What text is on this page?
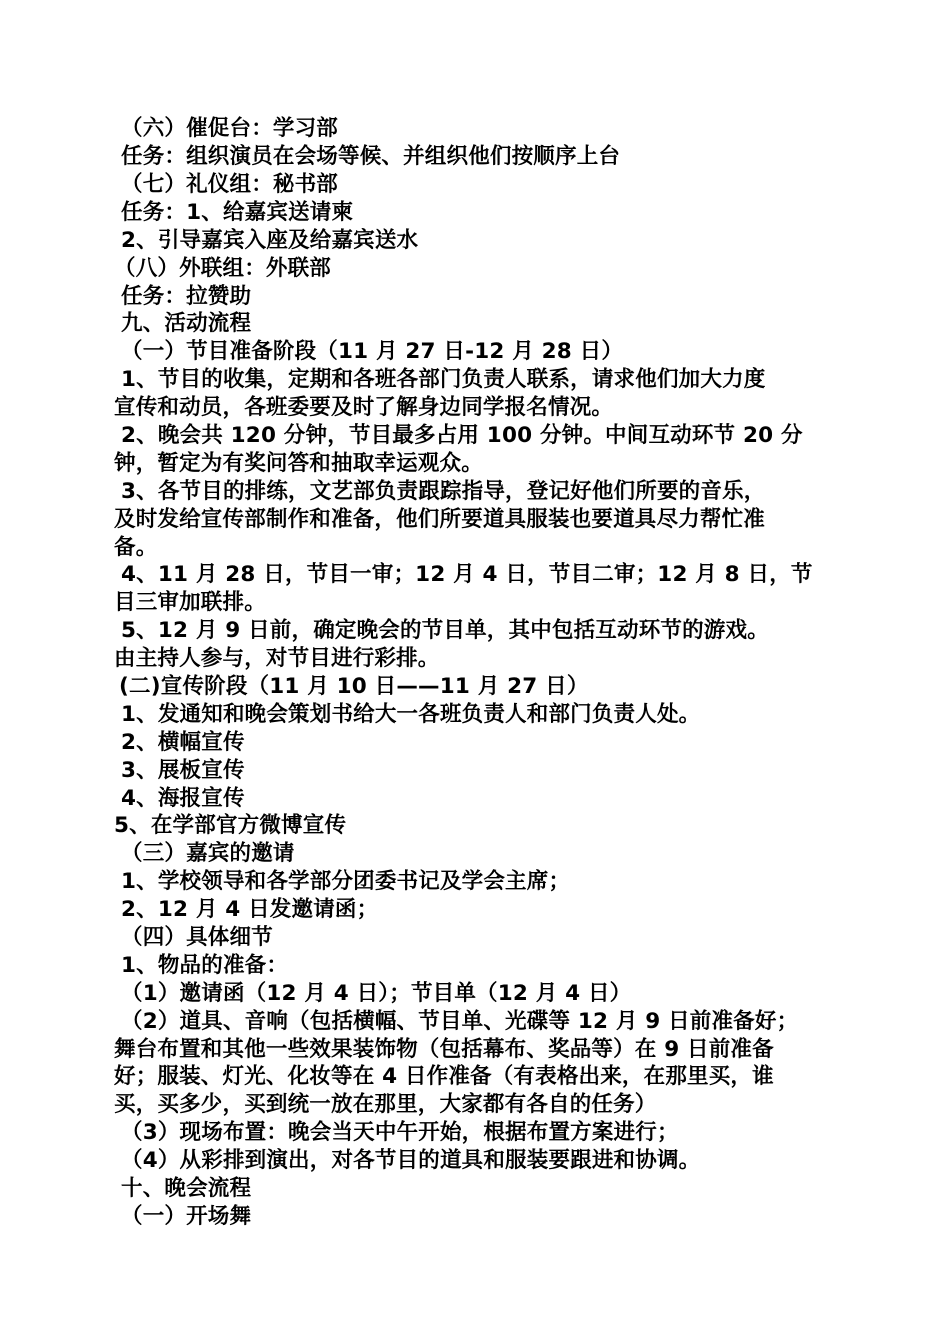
（六）催促台：学习部
任务：组织演员在会场等候、并组织他们按顺序上台
（七）礼仪组：秘书部
任务：1、给嘉宾送请柬
2、引导嘉宾入座及给嘉宾送水
（八）外联组：外联部
任务：拉赞助
九、活动流程
（一）节目准备阶段（11 月 27 日-12 月 28 日）
1、节目的收集，定期和各班各部门负责人联系，请求他们加大力度
宣传和动员，各班委要及时了解身边同学报名情况。
2、晚会共 120 分钟，节目最多占用 100 分钟。中间互动环节 20 分
钟，暂定为有奖问答和抽取幸运观众。
3、各节目的排练，文艺部负责跟踪指导，登记好他们所要的音乐，
及时发给宣传部制作和准备，他们所要道具服装也要道具尽力帮忙准
备。
4、11 月 28 日，节目一审；12 月 4 日，节目二审；12 月 8 日，节
目三审加联排。
5、12 月 9 日前，确定晚会的节目单，其中包括互动环节的游戏。
由主持人参与，对节目进行彩排。
(二)宣传阶段（11 月 10 日——11 月 27 日）
1、发通知和晚会策划书给大一各班负责人和部门负责人处。
2、横幅宣传
3、展板宣传
4、海报宣传
5、在学部官方微博宣传
（三）嘉宾的邀请
1、学校领导和各学部分团委书记及学会主席；
2、12 月 4 日发邀请函；
（四）具体细节
1、物品的准备：
（1）邀请函（12 月 4 日）；节目单（12 月 4 日）
（2）道具、音响（包括横幅、节目单、光碟等 12 月 9 日前准备好；
舞台布置和其他一些效果装饰物（包括幕布、奖品等）在 9 日前准备
好；服装、灯光、化妆等在 4 日作准备（有表格出来，在那里买，谁
买，买多少，买到统一放在那里，大家都有各自的任务）
（3）现场布置：晚会当天中午开始，根据布置方案进行；
（4）从彩排到演出，对各节目的道具和服装要跟进和协调。
十、晚会流程
（一）开场舞
